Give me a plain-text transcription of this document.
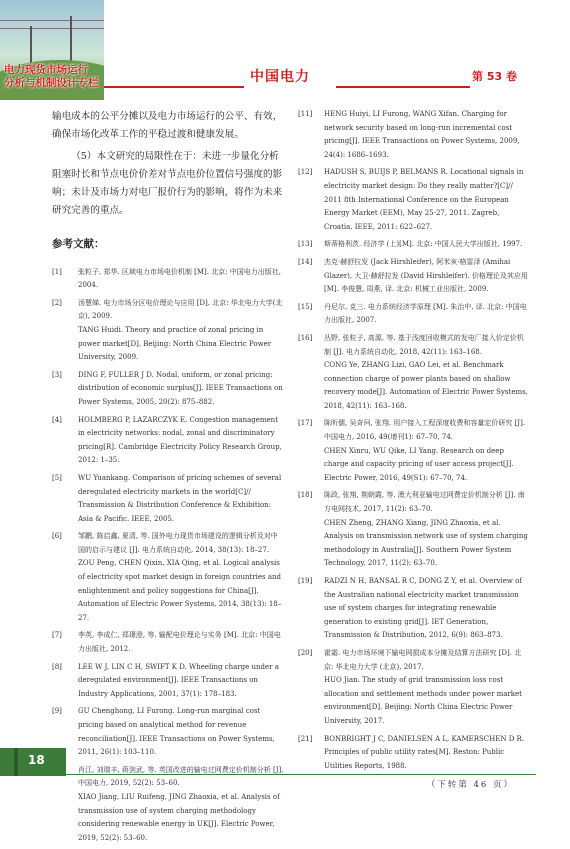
电力现货市场运行
分析与机制设计专栏	中国电力	第 53 卷

输电成本的公平分摊以及电力市场运行的公平、有效，确保市场化改革工作的平稳过渡和健康发展。

（5）本文研究的局限性在于：未进一步量化分析阻塞时长和节点电价价差对节点电价位置信号强度的影响；未计及市场力对电厂报价行为的影响，将作为未来研究完善的重点。

参考文献：
[1]	张粒子, 郑华. 区域电力市场电价机制 [M]. 北京: 中国电力出版社, 2004.
[2]	汤慧娣. 电力市场分区电价理论与应用 [D]. 北京: 华北电力大学(北京), 2009.
TANG Huidi. Theory and practice of zonal pricing in power market[D]. Beijing: North China Electric Power University, 2009.
[3]	DING F, FULLER J D. Nodal, uniform, or zonal pricing: distribution of economic surplus[J]. IEEE Transactions on Power Systems, 2005, 20(2): 875–882.
[4]	HOLMBERG P, LAZARCZYK E. Congestion management in electricity networks: nodal, zonal and discriminatory pricing[R]. Cambridge Electricity Policy Research Group, 2012: 1–35.
[5]	WU Yuankang. Comparison of pricing schemes of several deregulated electricity markets in the world[C]// Transmission & Distribution Conference & Exhibition: Asia & Pacific. IEEE, 2005.
[6]	邹鹏, 陈启鑫, 夏清, 等. 国外电力现货市场建设的逻辑分析及对中国的启示与建议 [J]. 电力系统自动化, 2014, 38(13): 18–27.
ZOU Peng, CHEN Qixin, XIA Qing, et al. Logical analysis of electricity spot market design in foreign countries and enlightenment and policy suggestions for China[J]. Automation of Electric Power Systems, 2014, 38(13): 18–27.
[7]	李英, 李成仁, 郑璟澄, 等. 输配电价理论与实务 [M]. 北京: 中国电力出版社, 2012.
[8]	LEE W J, LIN C H, SWIFT K D. Wheeling charge under a deregulated environment[J]. IEEE Transactions on Industry Applications, 2001, 37(1): 178–183.
[9]	GU Chenghong, LI Furong. Long-run marginal cost pricing based on analytical method for revenue reconciliation[J]. IEEE Transactions on Power Systems, 2011, 26(1): 103–110.
肖江, 刘瑞丰, 蒋剑武, 等. 英国改进的输电过网费定价机制分析 [J]. 中国电力, 2019, 52(2): 53–60.
XIAO Jiang, LIU Ruifeng, JING Zhaoxia, et al. Analysis of transmission use of system charging methodology considering renewable energy in UK[J]. Electric Power, 2019, 52(2): 53–60.
[11]	HENG Huiyi, LI Furong, WANG Xifan. Charging for network security based on long-run incremental cost pricing[J]. IEEE Transactions on Power Systems, 2009, 24(4): 1686–1693.
[12]	HADUSH S, BUIJS P, BELMANS R. Locational signals in electricity market design: Do they really matter?[C]// 2011 8th International Conference on the European Energy Market (EEM), May 25-27, 2011. Zagreb, Croatia. IEEE, 2011: 622–627.
[13]	斯蒂格利茨. 经济学 (上)[M]. 北京: 中国人民大学出版社, 1997.
[14]	杰克·赫舒拉发 (Jack Hirshleifer), 阿米亥·格雷泽 (Amihai Glazer), 大卫·赫舒拉发 (David Hirshleifer). 价格理论及其应用 [M]. 李俊慧, 周燕, 译. 北京: 机械工业出版社, 2009.
[15]	丹尼尔, 克三. 电力系统经济学原理 [M]. 朱治中, 译. 北京: 中国电力出版社, 2007.
[16]	丛野, 张粒子, 高源, 等. 基于浅度回收模式的发电厂接入价定价机制 [J]. 电力系统自动化, 2018, 42(11): 163–168.
CONG Ye, ZHANG Lizi, GAO Lei, et al. Benchmark connection charge of power plants based on shallow recovery mode[J]. Automation of Electric Power Systems, 2018, 42(11): 163–168.
[17]	陈昕儒, 吴奇珂, 张翔. 用户接入工程深度收费和容量定价研究 [J]. 中国电力, 2016, 49(增刊1): 67–70, 74.
CHEN Xinru, WU Qike, LI Yang. Research on deep charge and capacity pricing of user access project[J]. Electric Power, 2016, 49(S1): 67–70, 74.
[18]	陈政, 张翔, 荆朝霞, 等. 澳大利亚输电过网费定价机制分析 [J]. 南方电网技术, 2017, 11(2): 63–70.
CHEN Zheng, ZHANG Xiang, JING Zhaoxia, et al. Analysis on transmission network use of system charging methodology in Australia[J]. Southern Power System Technology, 2017, 11(2): 63–70.
[19]	RADZI N H, BANSAL R C, DONG Z Y, et al. Overview of the Australian national electricity market transmission use of system charges for integrating renewable generation to existing grid[J]. IET Generation, Transmission & Distribution, 2012, 6(9): 863–873.
[20]	霍霜. 电力市场环境下输电网损成本分摊及结算方法研究 [D]. 北京: 华北电力大学 (北京), 2017.
HUO Jian. The study of grid transmission loss cost allocation and settlement methods under power market environment[D]. Beijing: North China Electric Power University, 2017.
[21]	BONBRIGHT J C, DANIELSEN A L, KAMERSCHEN D R. Principles of public utility rates[M]. Reston: Public Utilities Reports, 1988.
（下转第 46 页）
18
